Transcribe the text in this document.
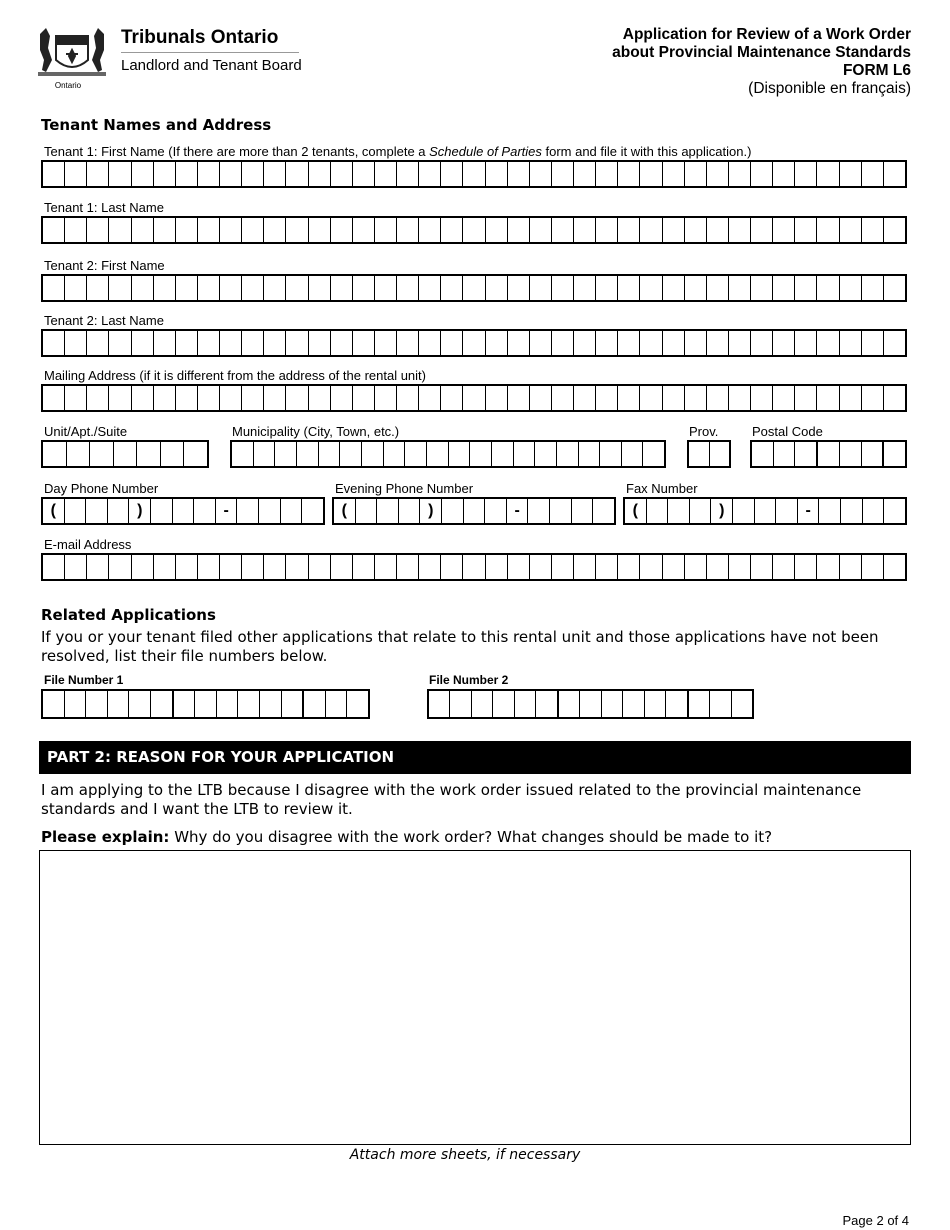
Ontario
Tribunals Ontario
Landlord and Tenant Board
Application for Review of a Work Order
about Provincial Maintenance Standards
FORM L6
(Disponible en français)
Tenant Names and Address
Tenant 1: First Name (If there are more than 2 tenants, complete a Schedule of Parties form and file it with this application.)
Tenant 1: Last Name
Tenant 2: First Name
Tenant 2: Last Name
Mailing Address (if it is different from the address of the rental unit)
Unit/Apt./Suite	Municipality (City, Town, etc.)	Prov.	Postal Code
Day Phone Number	Evening Phone Number	Fax Number
(	)	-	(	)	-	(	)	-
E-mail Address
Related Applications
If you or your tenant filed other applications that relate to this rental unit and those applications have not been resolved, list their file numbers below.
File Number 1	File Number 2
PART 2: REASON FOR YOUR APPLICATION
I am applying to the LTB because I disagree with the work order issued related to the provincial maintenance standards and I want the LTB to review it.
Please explain: Why do you disagree with the work order? What changes should be made to it?
Attach more sheets, if necessary
Page 2 of 4
